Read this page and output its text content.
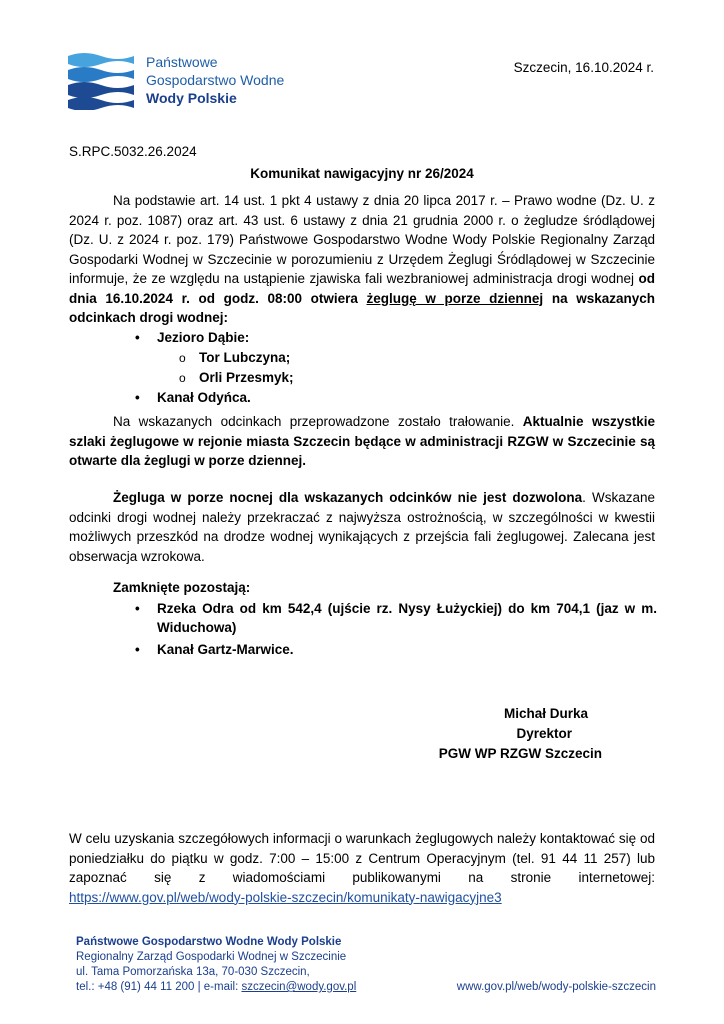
Państwowe
Gospodarstwo Wodne
Wody Polskie
Szczecin, 16.10.2024 r.
S.RPC.5032.26.2024
Komunikat nawigacyjny nr 26/2024
Na podstawie art. 14 ust. 1 pkt 4 ustawy z dnia 20 lipca 2017 r. – Prawo wodne (Dz. U. z 2024 r. poz. 1087) oraz art. 43 ust. 6 ustawy z dnia 21 grudnia 2000 r. o żegludze śródlądowej (Dz. U. z 2024 r. poz. 179) Państwowe Gospodarstwo Wodne Wody Polskie Regionalny Zarząd Gospodarki Wodnej w Szczecinie w porozumieniu z Urzędem Żeglugi Śródlądowej w Szczecinie informuje, że ze względu na ustąpienie zjawiska fali wezbraniowej administracja drogi wodnej od dnia 16.10.2024 r. od godz. 08:00 otwiera żeglugę w porze dziennej na wskazanych odcinkach drogi wodnej:
• Jezioro Dąbie:
o Tor Lubczyna;
o Orli Przesmyk;
• Kanał Odyńca.
Na wskazanych odcinkach przeprowadzone zostało trałowanie. Aktualnie wszystkie szlaki żeglugowe w rejonie miasta Szczecin będące w administracji RZGW w Szczecinie są otwarte dla żeglugi w porze dziennej.
Żegluga w porze nocnej dla wskazanych odcinków nie jest dozwolona. Wskazane odcinki drogi wodnej należy przekraczać z najwyższa ostrożnością, w szczególności w kwestii możliwych przeszkód na drodze wodnej wynikających z przejścia fali żeglugowej. Zalecana jest obserwacja wzrokowa.
Zamknięte pozostają:
• Rzeka Odra od km 542,4 (ujście rz. Nysy Łużyckiej) do km 704,1 (jaz w m. Widuchowa)
• Kanał Gartz-Marwice.
Michał Durka
Dyrektor
PGW WP RZGW Szczecin
W celu uzyskania szczegółowych informacji o warunkach żeglugowych należy kontaktować się od poniedziałku do piątku w godz. 7:00 – 15:00 z Centrum Operacyjnym (tel. 91 44 11 257) lub zapoznać się z wiadomościami publikowanymi na stronie internetowej: https://www.gov.pl/web/wody-polskie-szczecin/komunikaty-nawigacyjne3
Państwowe Gospodarstwo Wodne Wody Polskie
Regionalny Zarząd Gospodarki Wodnej w Szczecinie
ul. Tama Pomorzańska 13a, 70-030 Szczecin,
tel.: +48 (91) 44 11 200 | e-mail: szczecin@wody.gov.pl	www.gov.pl/web/wody-polskie-szczecin
